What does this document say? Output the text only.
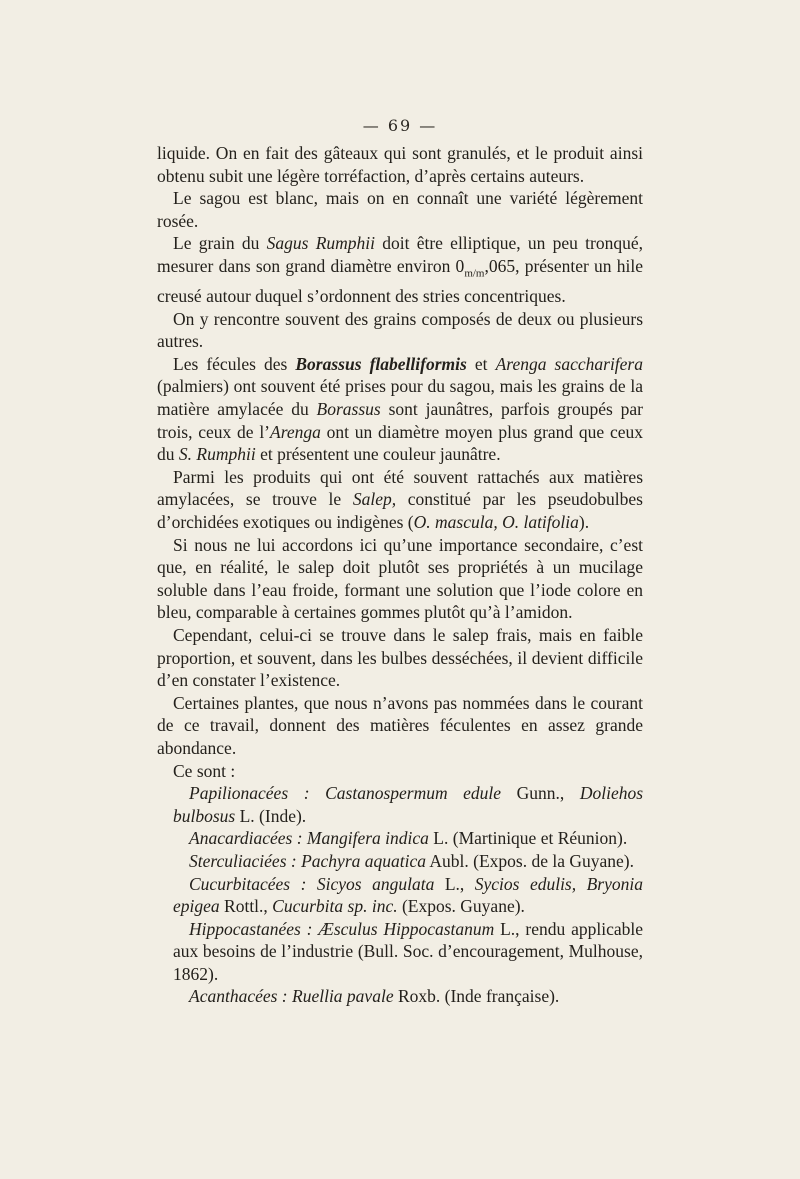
— 69 —

liquide. On en fait des gâteaux qui sont granulés, et le produit ainsi obtenu subit une légère torréfaction, d’après certains auteurs.

Le sagou est blanc, mais on en connaît une variété légèrement rosée.

Le grain du Sagus Rumphii doit être elliptique, un peu tronqué, mesurer dans son grand diamètre environ $0_{m/m},065$, présenter un hile creusé autour duquel s’ordonnent des stries concentriques.

On y rencontre souvent des grains composés de deux ou plusieurs autres.

Les fécules des Borassus flabelliformis et Arenga saccharifera (palmiers) ont souvent été prises pour du sagou, mais les grains de la matière amylacée du Borassus sont jaunâtres, parfois groupés par trois, ceux de l’Arenga ont un diamètre moyen plus grand que ceux du S. Rumphii et présentent une couleur jaunâtre.

Parmi les produits qui ont été souvent rattachés aux matières amylacées, se trouve le Salep, constitué par les pseudobulbes d’orchidées exotiques ou indigènes (O. mascula, O. latifolia).

Si nous ne lui accordons ici qu’une importance secondaire, c’est que, en réalité, le salep doit plutôt ses propriétés à un mucilage soluble dans l’eau froide, formant une solution que l’iode colore en bleu, comparable à certaines gommes plutôt qu’à l’amidon.

Cependant, celui-ci se trouve dans le salep frais, mais en faible proportion, et souvent, dans les bulbes desséchées, il devient difficile d’en constater l’existence.

Certaines plantes, que nous n’avons pas nommées dans le courant de ce travail, donnent des matières féculentes en assez grande abondance.

Ce sont :

Papilionacées : Castanospermum edule Gunn., Doliehos bulbosus L. (Inde).

Anacardiacées : Mangifera indica L. (Martinique et Réunion).

Sterculiaciées : Pachyra aquatica Aubl. (Expos. de la Guyane).

Cucurbitacées : Sicyos angulata L., Sycios edulis, Bryonia epigea Rottl., Cucurbita sp. inc. (Expos. Guyane).

Hippocastanées : Æsculus Hippocastanum L., rendu applicable aux besoins de l’industrie (Bull. Soc. d’encouragement, Mulhouse, 1862).

Acanthacées : Ruellia pavale Roxb. (Inde française).
